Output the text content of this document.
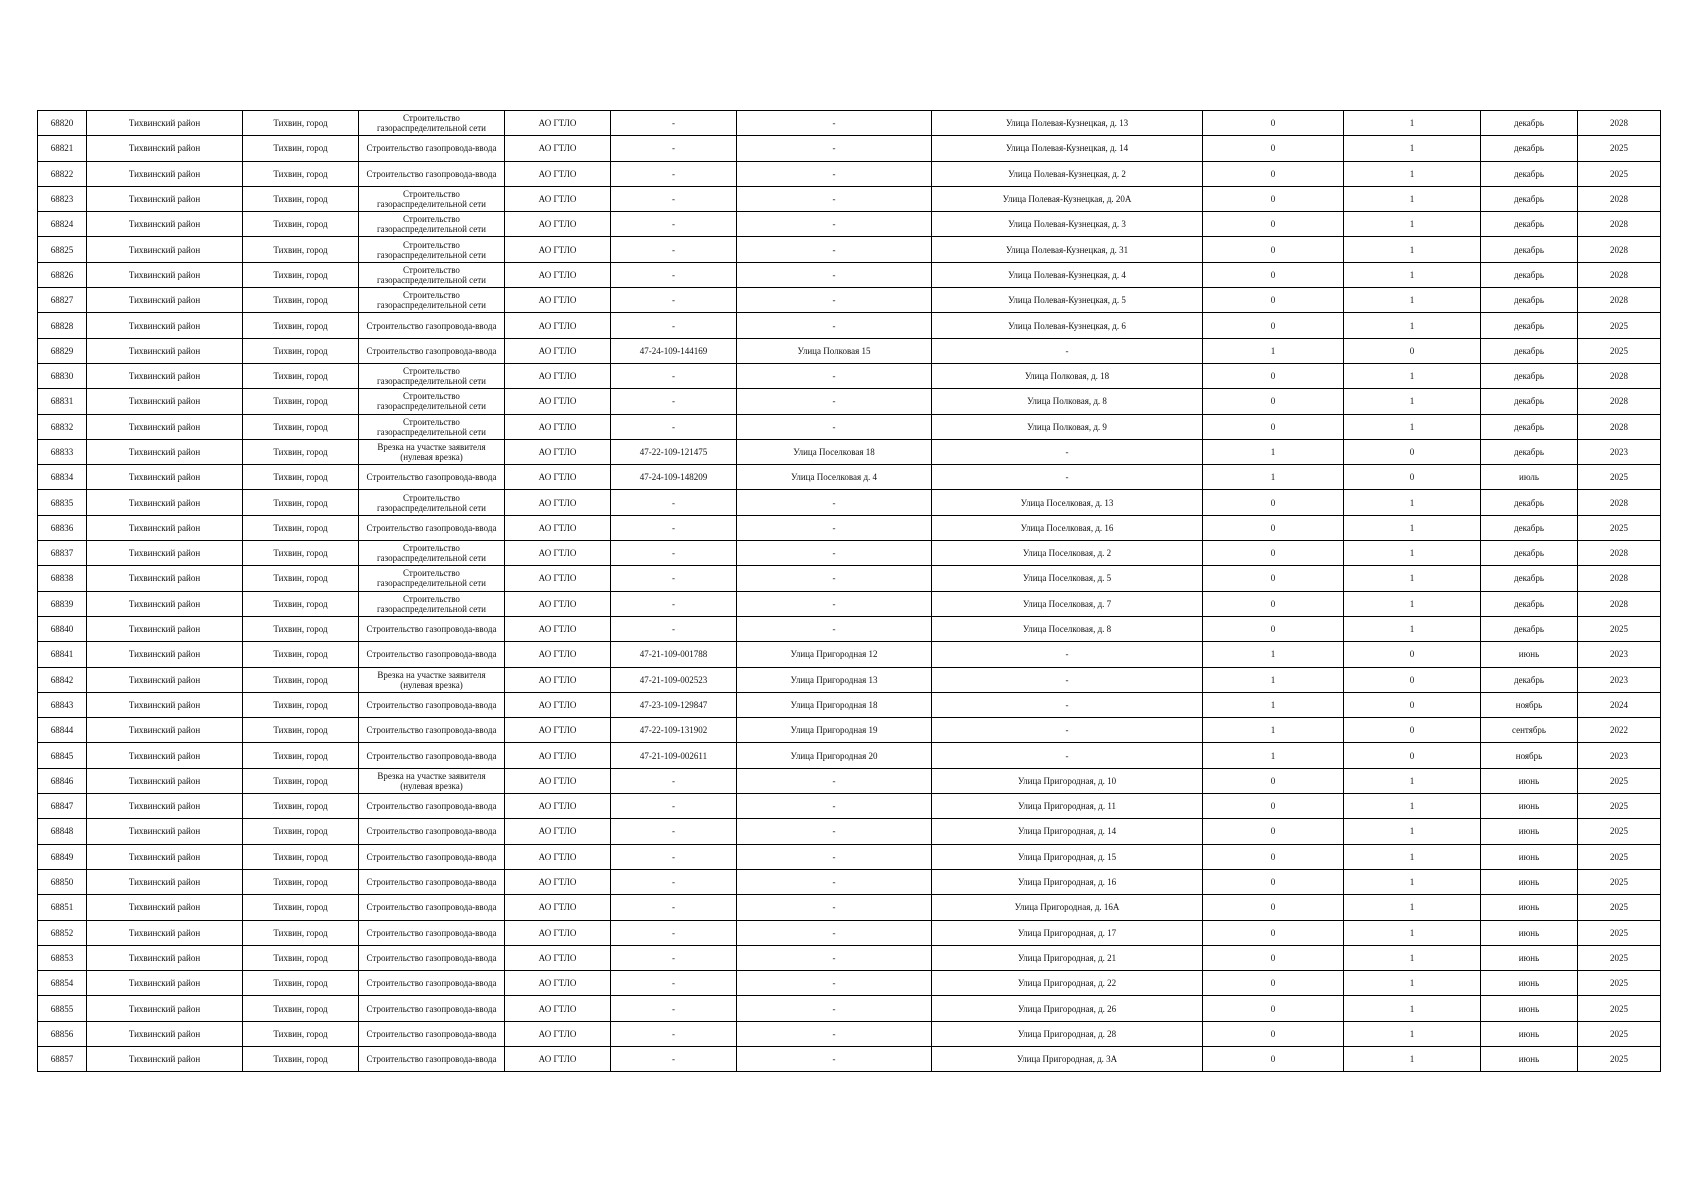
68820	Тихвинский район	Тихвин, город	Строительство газораспределительной сети	АО ГТЛО	-	-	Улица Полевая-Кузнецкая, д. 13	0	1	декабрь	2028
68821	Тихвинский район	Тихвин, город	Строительство газопровода-ввода	АО ГТЛО	-	-	Улица Полевая-Кузнецкая, д. 14	0	1	декабрь	2025
68822	Тихвинский район	Тихвин, город	Строительство газопровода-ввода	АО ГТЛО	-	-	Улица Полевая-Кузнецкая, д. 2	0	1	декабрь	2025
68823	Тихвинский район	Тихвин, город	Строительство газораспределительной сети	АО ГТЛО	-	-	Улица Полевая-Кузнецкая, д. 20А	0	1	декабрь	2028
68824	Тихвинский район	Тихвин, город	Строительство газораспределительной сети	АО ГТЛО	-	-	Улица Полевая-Кузнецкая, д. 3	0	1	декабрь	2028
68825	Тихвинский район	Тихвин, город	Строительство газораспределительной сети	АО ГТЛО	-	-	Улица Полевая-Кузнецкая, д. 31	0	1	декабрь	2028
68826	Тихвинский район	Тихвин, город	Строительство газораспределительной сети	АО ГТЛО	-	-	Улица Полевая-Кузнецкая, д. 4	0	1	декабрь	2028
68827	Тихвинский район	Тихвин, город	Строительство газораспределительной сети	АО ГТЛО	-	-	Улица Полевая-Кузнецкая, д. 5	0	1	декабрь	2028
68828	Тихвинский район	Тихвин, город	Строительство газопровода-ввода	АО ГТЛО	-	-	Улица Полевая-Кузнецкая, д. 6	0	1	декабрь	2025
68829	Тихвинский район	Тихвин, город	Строительство газопровода-ввода	АО ГТЛО	47-24-109-144169	Улица Полковая 15	-	1	0	декабрь	2025
68830	Тихвинский район	Тихвин, город	Строительство газораспределительной сети	АО ГТЛО	-	-	Улица Полковая, д. 18	0	1	декабрь	2028
68831	Тихвинский район	Тихвин, город	Строительство газораспределительной сети	АО ГТЛО	-	-	Улица Полковая, д. 8	0	1	декабрь	2028
68832	Тихвинский район	Тихвин, город	Строительство газораспределительной сети	АО ГТЛО	-	-	Улица Полковая, д. 9	0	1	декабрь	2028
68833	Тихвинский район	Тихвин, город	Врезка на участке заявителя (нулевая врезка)	АО ГТЛО	47-22-109-121475	Улица Поселковая 18	-	1	0	декабрь	2023
68834	Тихвинский район	Тихвин, город	Строительство газопровода-ввода	АО ГТЛО	47-24-109-148209	Улица Поселковая д. 4	-	1	0	июль	2025
68835	Тихвинский район	Тихвин, город	Строительство газораспределительной сети	АО ГТЛО	-	-	Улица Поселковая, д. 13	0	1	декабрь	2028
68836	Тихвинский район	Тихвин, город	Строительство газопровода-ввода	АО ГТЛО	-	-	Улица Поселковая, д. 16	0	1	декабрь	2025
68837	Тихвинский район	Тихвин, город	Строительство газораспределительной сети	АО ГТЛО	-	-	Улица Поселковая, д. 2	0	1	декабрь	2028
68838	Тихвинский район	Тихвин, город	Строительство газораспределительной сети	АО ГТЛО	-	-	Улица Поселковая, д. 5	0	1	декабрь	2028
68839	Тихвинский район	Тихвин, город	Строительство газораспределительной сети	АО ГТЛО	-	-	Улица Поселковая, д. 7	0	1	декабрь	2028
68840	Тихвинский район	Тихвин, город	Строительство газопровода-ввода	АО ГТЛО	-	-	Улица Поселковая, д. 8	0	1	декабрь	2025
68841	Тихвинский район	Тихвин, город	Строительство газопровода-ввода	АО ГТЛО	47-21-109-001788	Улица Пригородная 12	-	1	0	июнь	2023
68842	Тихвинский район	Тихвин, город	Врезка на участке заявителя (нулевая врезка)	АО ГТЛО	47-21-109-002523	Улица Пригородная 13	-	1	0	декабрь	2023
68843	Тихвинский район	Тихвин, город	Строительство газопровода-ввода	АО ГТЛО	47-23-109-129847	Улица Пригородная 18	-	1	0	ноябрь	2024
68844	Тихвинский район	Тихвин, город	Строительство газопровода-ввода	АО ГТЛО	47-22-109-131902	Улица Пригородная 19	-	1	0	сентябрь	2022
68845	Тихвинский район	Тихвин, город	Строительство газопровода-ввода	АО ГТЛО	47-21-109-002611	Улица Пригородная 20	-	1	0	ноябрь	2023
68846	Тихвинский район	Тихвин, город	Врезка на участке заявителя (нулевая врезка)	АО ГТЛО	-	-	Улица Пригородная, д. 10	0	1	июнь	2025
68847	Тихвинский район	Тихвин, город	Строительство газопровода-ввода	АО ГТЛО	-	-	Улица Пригородная, д. 11	0	1	июнь	2025
68848	Тихвинский район	Тихвин, город	Строительство газопровода-ввода	АО ГТЛО	-	-	Улица Пригородная, д. 14	0	1	июнь	2025
68849	Тихвинский район	Тихвин, город	Строительство газопровода-ввода	АО ГТЛО	-	-	Улица Пригородная, д. 15	0	1	июнь	2025
68850	Тихвинский район	Тихвин, город	Строительство газопровода-ввода	АО ГТЛО	-	-	Улица Пригородная, д. 16	0	1	июнь	2025
68851	Тихвинский район	Тихвин, город	Строительство газопровода-ввода	АО ГТЛО	-	-	Улица Пригородная, д. 16А	0	1	июнь	2025
68852	Тихвинский район	Тихвин, город	Строительство газопровода-ввода	АО ГТЛО	-	-	Улица Пригородная, д. 17	0	1	июнь	2025
68853	Тихвинский район	Тихвин, город	Строительство газопровода-ввода	АО ГТЛО	-	-	Улица Пригородная, д. 21	0	1	июнь	2025
68854	Тихвинский район	Тихвин, город	Строительство газопровода-ввода	АО ГТЛО	-	-	Улица Пригородная, д. 22	0	1	июнь	2025
68855	Тихвинский район	Тихвин, город	Строительство газопровода-ввода	АО ГТЛО	-	-	Улица Пригородная, д. 26	0	1	июнь	2025
68856	Тихвинский район	Тихвин, город	Строительство газопровода-ввода	АО ГТЛО	-	-	Улица Пригородная, д. 28	0	1	июнь	2025
68857	Тихвинский район	Тихвин, город	Строительство газопровода-ввода	АО ГТЛО	-	-	Улица Пригородная, д. 3А	0	1	июнь	2025
